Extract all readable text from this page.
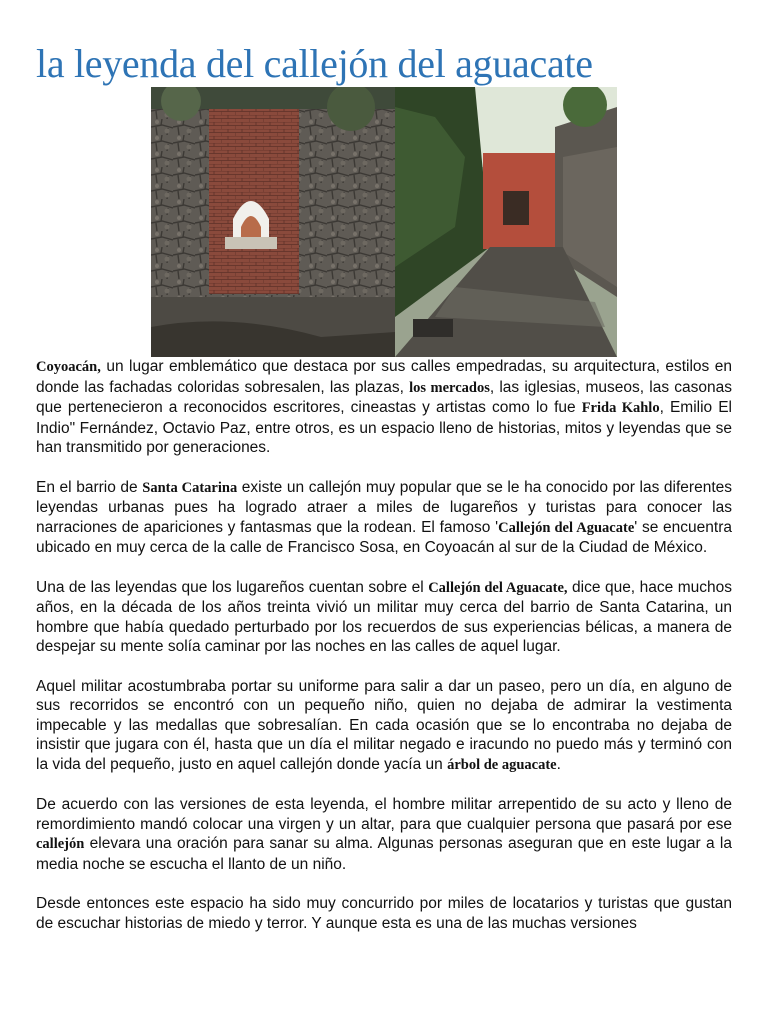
la leyenda del callejón del aguacate

Coyoacán, un lugar emblemático que destaca por sus calles empedradas, su arquitectura, estilos en donde las fachadas coloridas sobresalen, las plazas, los mercados, las iglesias, museos, las casonas que pertenecieron a reconocidos escritores, cineastas y artistas como lo fue Frida Kahlo, Emilio El Indio" Fernández, Octavio Paz, entre otros, es un espacio lleno de historias, mitos y leyendas que se han transmitido por generaciones.

En el barrio de Santa Catarina existe un callejón muy popular que se le ha conocido por las diferentes leyendas urbanas pues ha logrado atraer a miles de lugareños y turistas para conocer las narraciones de apariciones y fantasmas que la rodean. El famoso 'Callejón del Aguacate' se encuentra ubicado en muy cerca de la calle de Francisco Sosa, en Coyoacán al sur de la Ciudad de México.

Una de las leyendas que los lugareños cuentan sobre el Callejón del Aguacate, dice que, hace muchos años, en la década de los años treinta vivió un militar muy cerca del barrio de Santa Catarina, un hombre que había quedado perturbado por los recuerdos de sus experiencias bélicas, a manera de despejar su mente solía caminar por las noches en las calles de aquel lugar.

Aquel militar acostumbraba portar su uniforme para salir a dar un paseo, pero un día, en alguno de sus recorridos se encontró con un pequeño niño, quien no dejaba de admirar la vestimenta impecable y las medallas que sobresalían. En cada ocasión que se lo encontraba no dejaba de insistir que jugara con él, hasta que un día el militar negado e iracundo no puedo más y terminó con la vida del pequeño, justo en aquel callejón donde yacía un árbol de aguacate.

De acuerdo con las versiones de esta leyenda, el hombre militar arrepentido de su acto y lleno de remordimiento mandó colocar una virgen y un altar, para que cualquier persona que pasará por ese callejón elevara una oración para sanar su alma. Algunas personas aseguran que en este lugar a la media noche se escucha el llanto de un niño.

Desde entonces este espacio ha sido muy concurrido por miles de locatarios y turistas que gustan de escuchar historias de miedo y terror. Y aunque esta es una de las muchas versiones
